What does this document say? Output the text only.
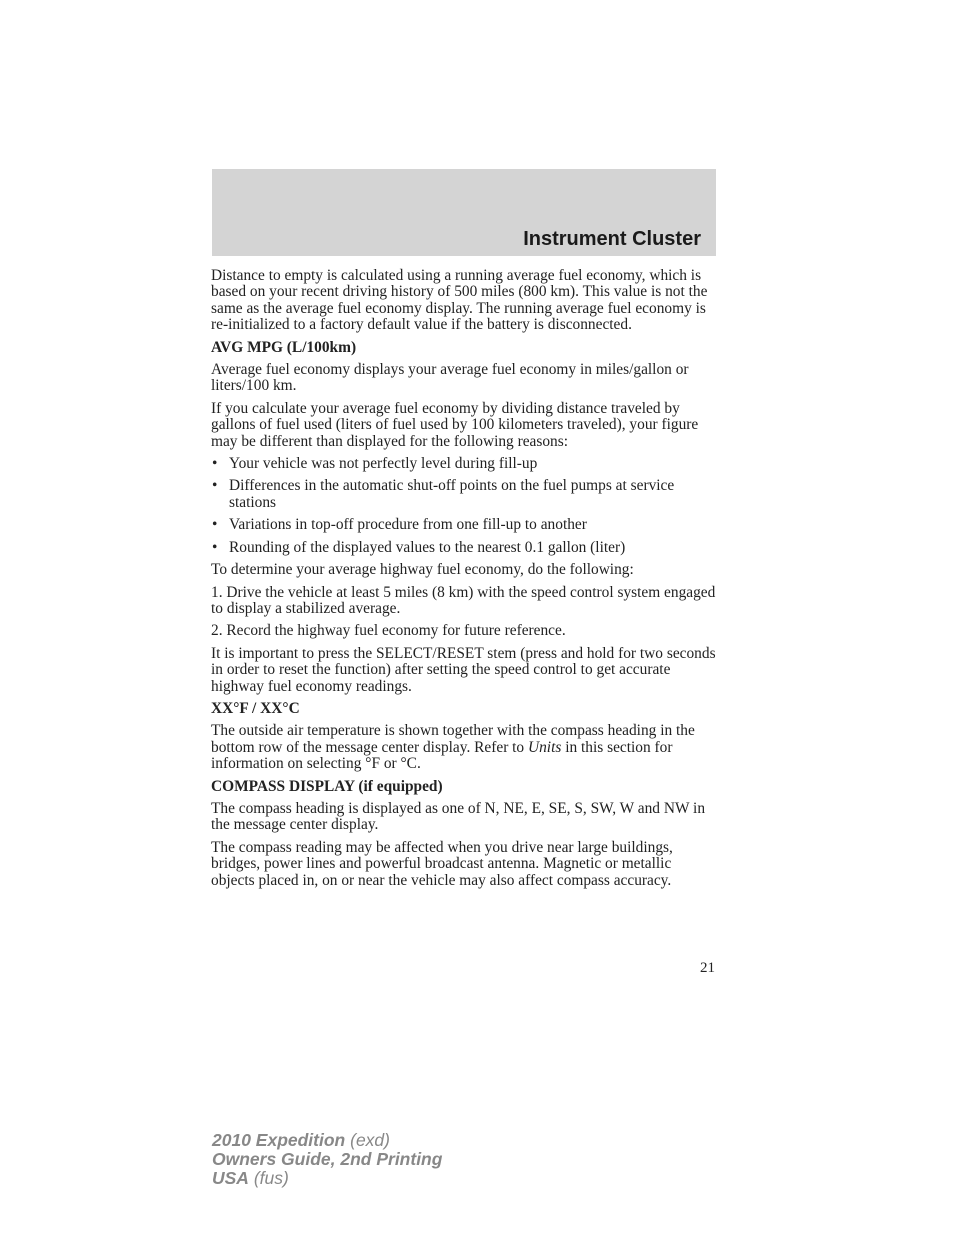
Instrument Cluster

Distance to empty is calculated using a running average fuel economy, which is based on your recent driving history of 500 miles (800 km). This value is not the same as the average fuel economy display. The running average fuel economy is re-initialized to a factory default value if the battery is disconnected.

AVG MPG (L/100km)

Average fuel economy displays your average fuel economy in miles/gallon or liters/100 km.

If you calculate your average fuel economy by dividing distance traveled by gallons of fuel used (liters of fuel used by 100 kilometers traveled), your figure may be different than displayed for the following reasons:

• Your vehicle was not perfectly level during fill-up
• Differences in the automatic shut-off points on the fuel pumps at service stations
• Variations in top-off procedure from one fill-up to another
• Rounding of the displayed values to the nearest 0.1 gallon (liter)

To determine your average highway fuel economy, do the following:

1. Drive the vehicle at least 5 miles (8 km) with the speed control system engaged to display a stabilized average.

2. Record the highway fuel economy for future reference.

It is important to press the SELECT/RESET stem (press and hold for two seconds in order to reset the function) after setting the speed control to get accurate highway fuel economy readings.

XX°F / XX°C

The outside air temperature is shown together with the compass heading in the bottom row of the message center display. Refer to Units in this section for information on selecting °F or °C.

COMPASS DISPLAY (if equipped)

The compass heading is displayed as one of N, NE, E, SE, S, SW, W and NW in the message center display.

The compass reading may be affected when you drive near large buildings, bridges, power lines and powerful broadcast antenna. Magnetic or metallic objects placed in, on or near the vehicle may also affect compass accuracy.

21
2010 Expedition (exd)
Owners Guide, 2nd Printing
USA (fus)
